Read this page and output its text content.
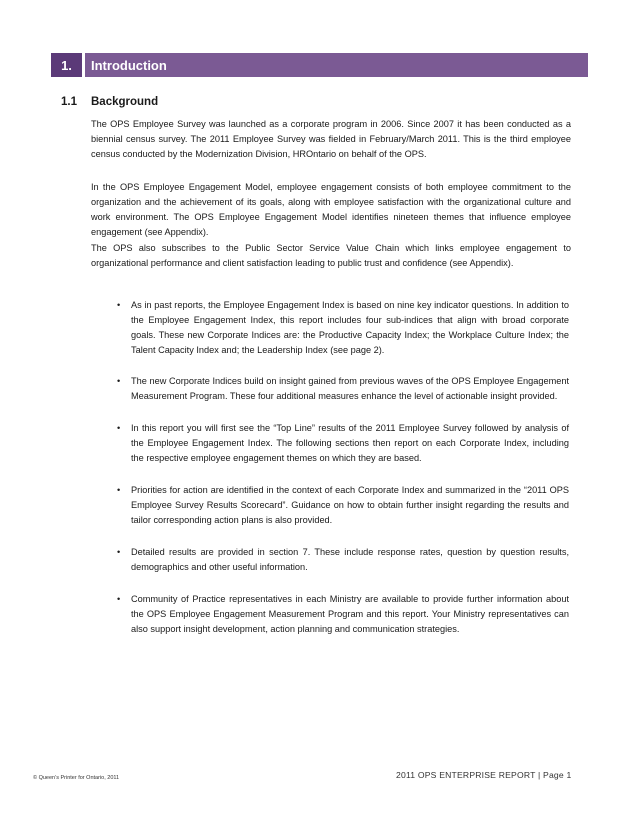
1.	Introduction
1.1 Background

The OPS Employee Survey was launched as a corporate program in 2006. Since 2007 it has been conducted as a biennial census survey. The 2011 Employee Survey was fielded in February/March 2011. This is the third employee census conducted by the Modernization Division, HROntario on behalf of the OPS.

In the OPS Employee Engagement Model, employee engagement consists of both employee commitment to the organization and the achievement of its goals, along with employee satisfaction with the organizational culture and work environment. The OPS Employee Engagement Model identifies nineteen themes that influence employee engagement (see Appendix).

The OPS also subscribes to the Public Sector Service Value Chain which links employee engagement to organizational performance and client satisfaction leading to public trust and confidence (see Appendix).

• As in past reports, the Employee Engagement Index is based on nine key indicator questions. In addition to the Employee Engagement Index, this report includes four sub-indices that align with broad corporate goals. These new Corporate Indices are: the Productive Capacity Index; the Workplace Culture Index; the Talent Capacity Index and; the Leadership Index (see page 2).
• The new Corporate Indices build on insight gained from previous waves of the OPS Employee Engagement Measurement Program. These four additional measures enhance the level of actionable insight provided.
• In this report you will first see the “Top Line” results of the 2011 Employee Survey followed by analysis of the Employee Engagement Index. The following sections then report on each Corporate Index, including the respective employee engagement themes on which they are based.
• Priorities for action are identified in the context of each Corporate Index and summarized in the “2011 OPS Employee Survey Results Scorecard”. Guidance on how to obtain further insight regarding the results and tailor corresponding action plans is also provided.
• Detailed results are provided in section 7. These include response rates, question by question results, demographics and other useful information.
• Community of Practice representatives in each Ministry are available to provide further information about the OPS Employee Engagement Measurement Program and this report. Your Ministry representatives can also support insight development, action planning and communication strategies.
© Queen’s Printer for Ontario, 2011	2011 OPS ENTERPRISE REPORT | Page 1
